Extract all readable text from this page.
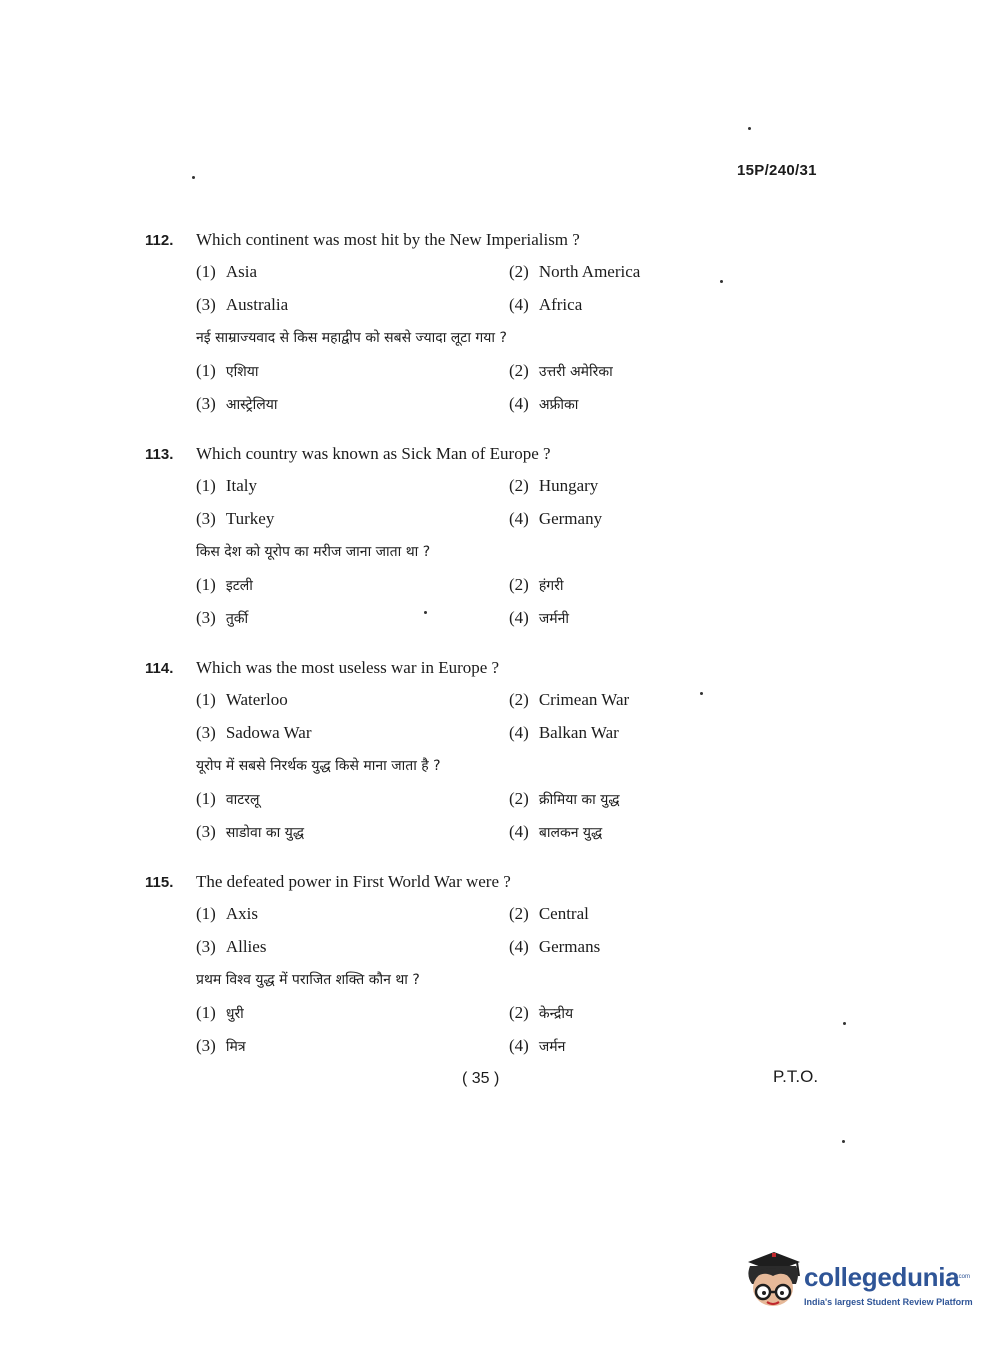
15P/240/31
112. Which continent was most hit by the New Imperialism ?
(1) Asia	(2) North America
(3) Australia	(4) Africa
नई साम्राज्यवाद से किस महाद्वीप को सबसे ज्यादा लूटा गया ?
(1) एशिया	(2) उत्तरी अमेरिका
(3) आस्ट्रेलिया	(4) अफ्रीका
113. Which country was known as Sick Man of Europe ?
(1) Italy	(2) Hungary
(3) Turkey	(4) Germany
किस देश को यूरोप का मरीज जाना जाता था ?
(1) इटली	(2) हंगरी
(3) तुर्की	(4) जर्मनी
114. Which was the most useless war in Europe ?
(1) Waterloo	(2) Crimean War
(3) Sadowa War	(4) Balkan War
यूरोप में सबसे निरर्थक युद्ध किसे माना जाता है ?
(1) वाटरलू	(2) क्रीमिया का युद्ध
(3) साडोवा का युद्ध	(4) बालकन युद्ध
115. The defeated power in First World War were ?
(1) Axis	(2) Central
(3) Allies	(4) Germans
प्रथम विश्व युद्ध में पराजित शक्ति कौन था ?
(1) धुरी	(2) केन्द्रीय
(3) मित्र	(4) जर्मन
( 35 )	P.T.O.
collegedunia
.com
India's largest Student Review Platform
